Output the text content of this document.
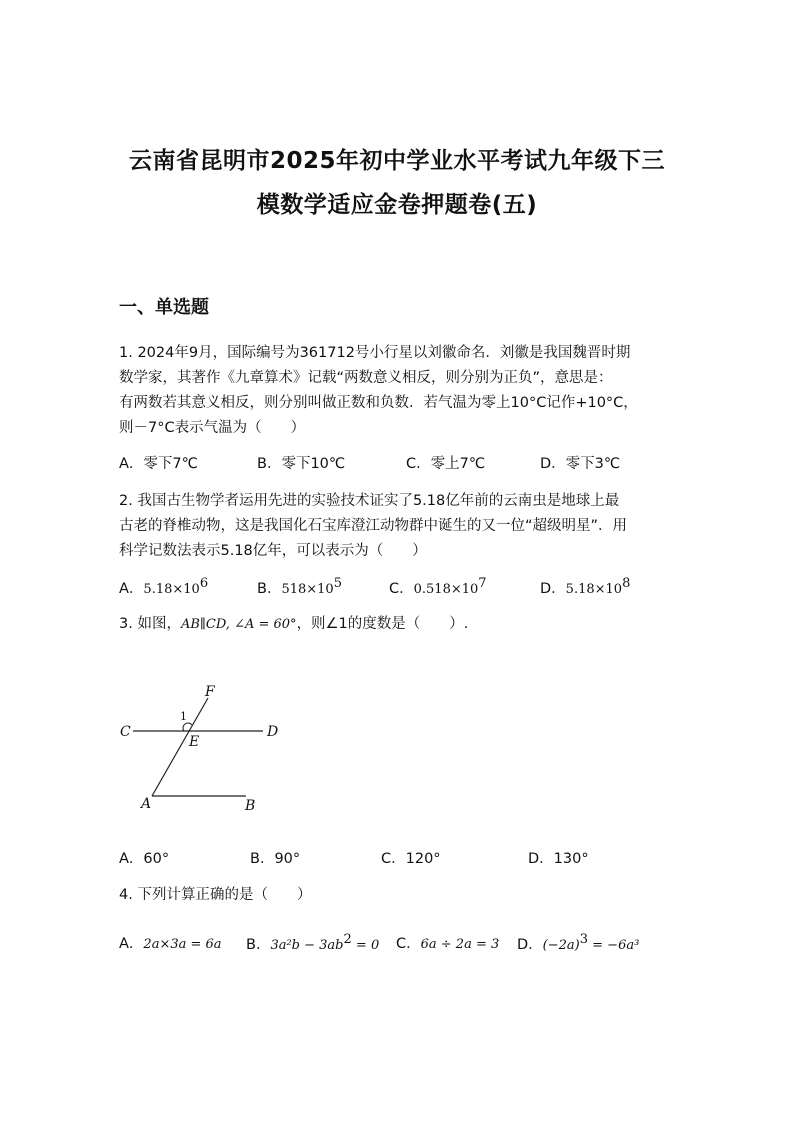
云南省昆明市2025年初中学业水平考试九年级下三
模数学适应金卷押题卷(五)
一、单选题
1. 2024年9月，国际编号为361712号小行星以刘徽命名．刘徽是我国魏晋时期
数学家，其著作《九章算术》记载“两数意义相反，则分别为正负”，意思是：
有两数若其意义相反，则分别叫做正数和负数．若气温为零上10°C记作+10°C，
则－7°C表示气温为（　　）
A．零下7℃	B．零下10℃	C．零上7℃	D．零下3℃
2. 我国古生物学者运用先进的实验技术证实了5.18亿年前的云南虫是地球上最
古老的脊椎动物，这是我国化石宝库澄江动物群中诞生的又一位“超级明星”．用
科学记数法表示5.18亿年，可以表示为（　　）
A．$5.18\times 10^6$	B．$518\times 10^5$	C．$0.518\times 10^7$	D．$5.18\times 10^8$
3. 如图，AB∥CD, ∠A = 60°，则∠1的度数是（　　）.
F
C	D
E
A	B
1
A．60°	B．90°	C．120°	D．130°
4. 下列计算正确的是（　　）
A．2a×3a = 6a B．$3a^2b - 3ab^2 = 0$ C．6a ÷ 2a = 3 D．$(-2a)^3 = -6a^3$
